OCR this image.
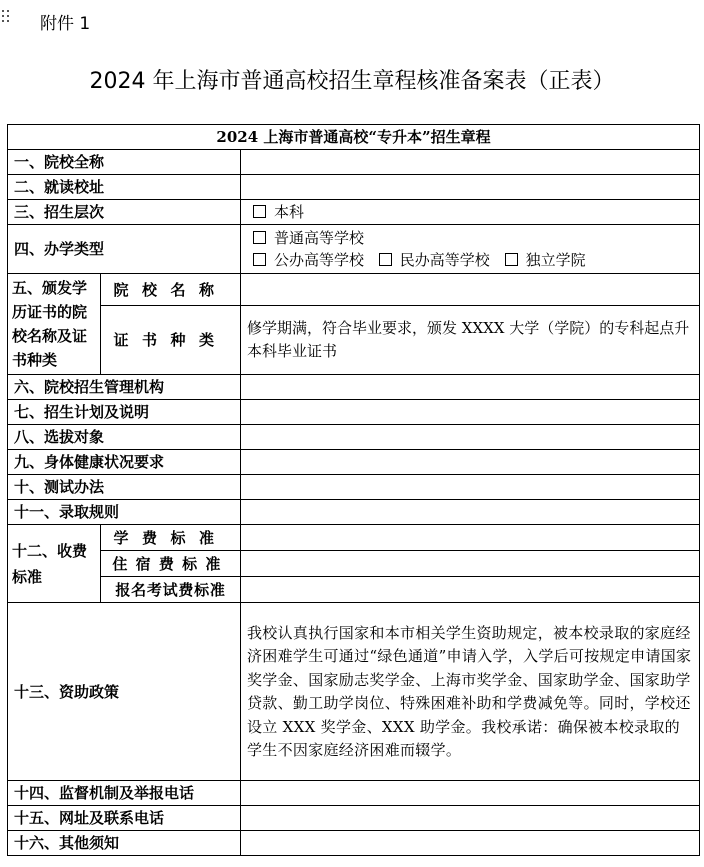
附件 1
2024 年上海市普通高校招生章程核准备案表（正表）
2024 上海市普通高校“专升本”招生章程		
一、院校全称		
二、就读校址		
三、招生层次		本科
四、办学类型		普通高等学校
公办高等学校 民办高等学校 独立学院

五、颁发学历证书的院校名称及证书种类	院校名称	
	证书种类	修学期满，符合毕业要求，颁发 XXXX 大学（学院）的专科起点升本科毕业证书
六、院校招生管理机构		
七、招生计划及说明		
八、选拔对象		
九、身体健康状况要求		
十、测试办法		
十一、录取规则		
十二、收费标准	学费标准	
	住宿费标准	
	报名考试费标准	
十三、资助政策		我校认真执行国家和本市相关学生资助规定，被本校录取的家庭经济困难学生可通过“绿色通道”申请入学，入学后可按规定申请国家奖学金、国家励志奖学金、上海市奖学金、国家助学金、国家助学贷款、勤工助学岗位、特殊困难补助和学费减免等。同时，学校还设立 XXX 奖学金、XXX 助学金。我校承诺：确保被本校录取的学生不因家庭经济困难而辍学。
十四、监督机制及举报电话		
十五、网址及联系电话		
十六、其他须知		
